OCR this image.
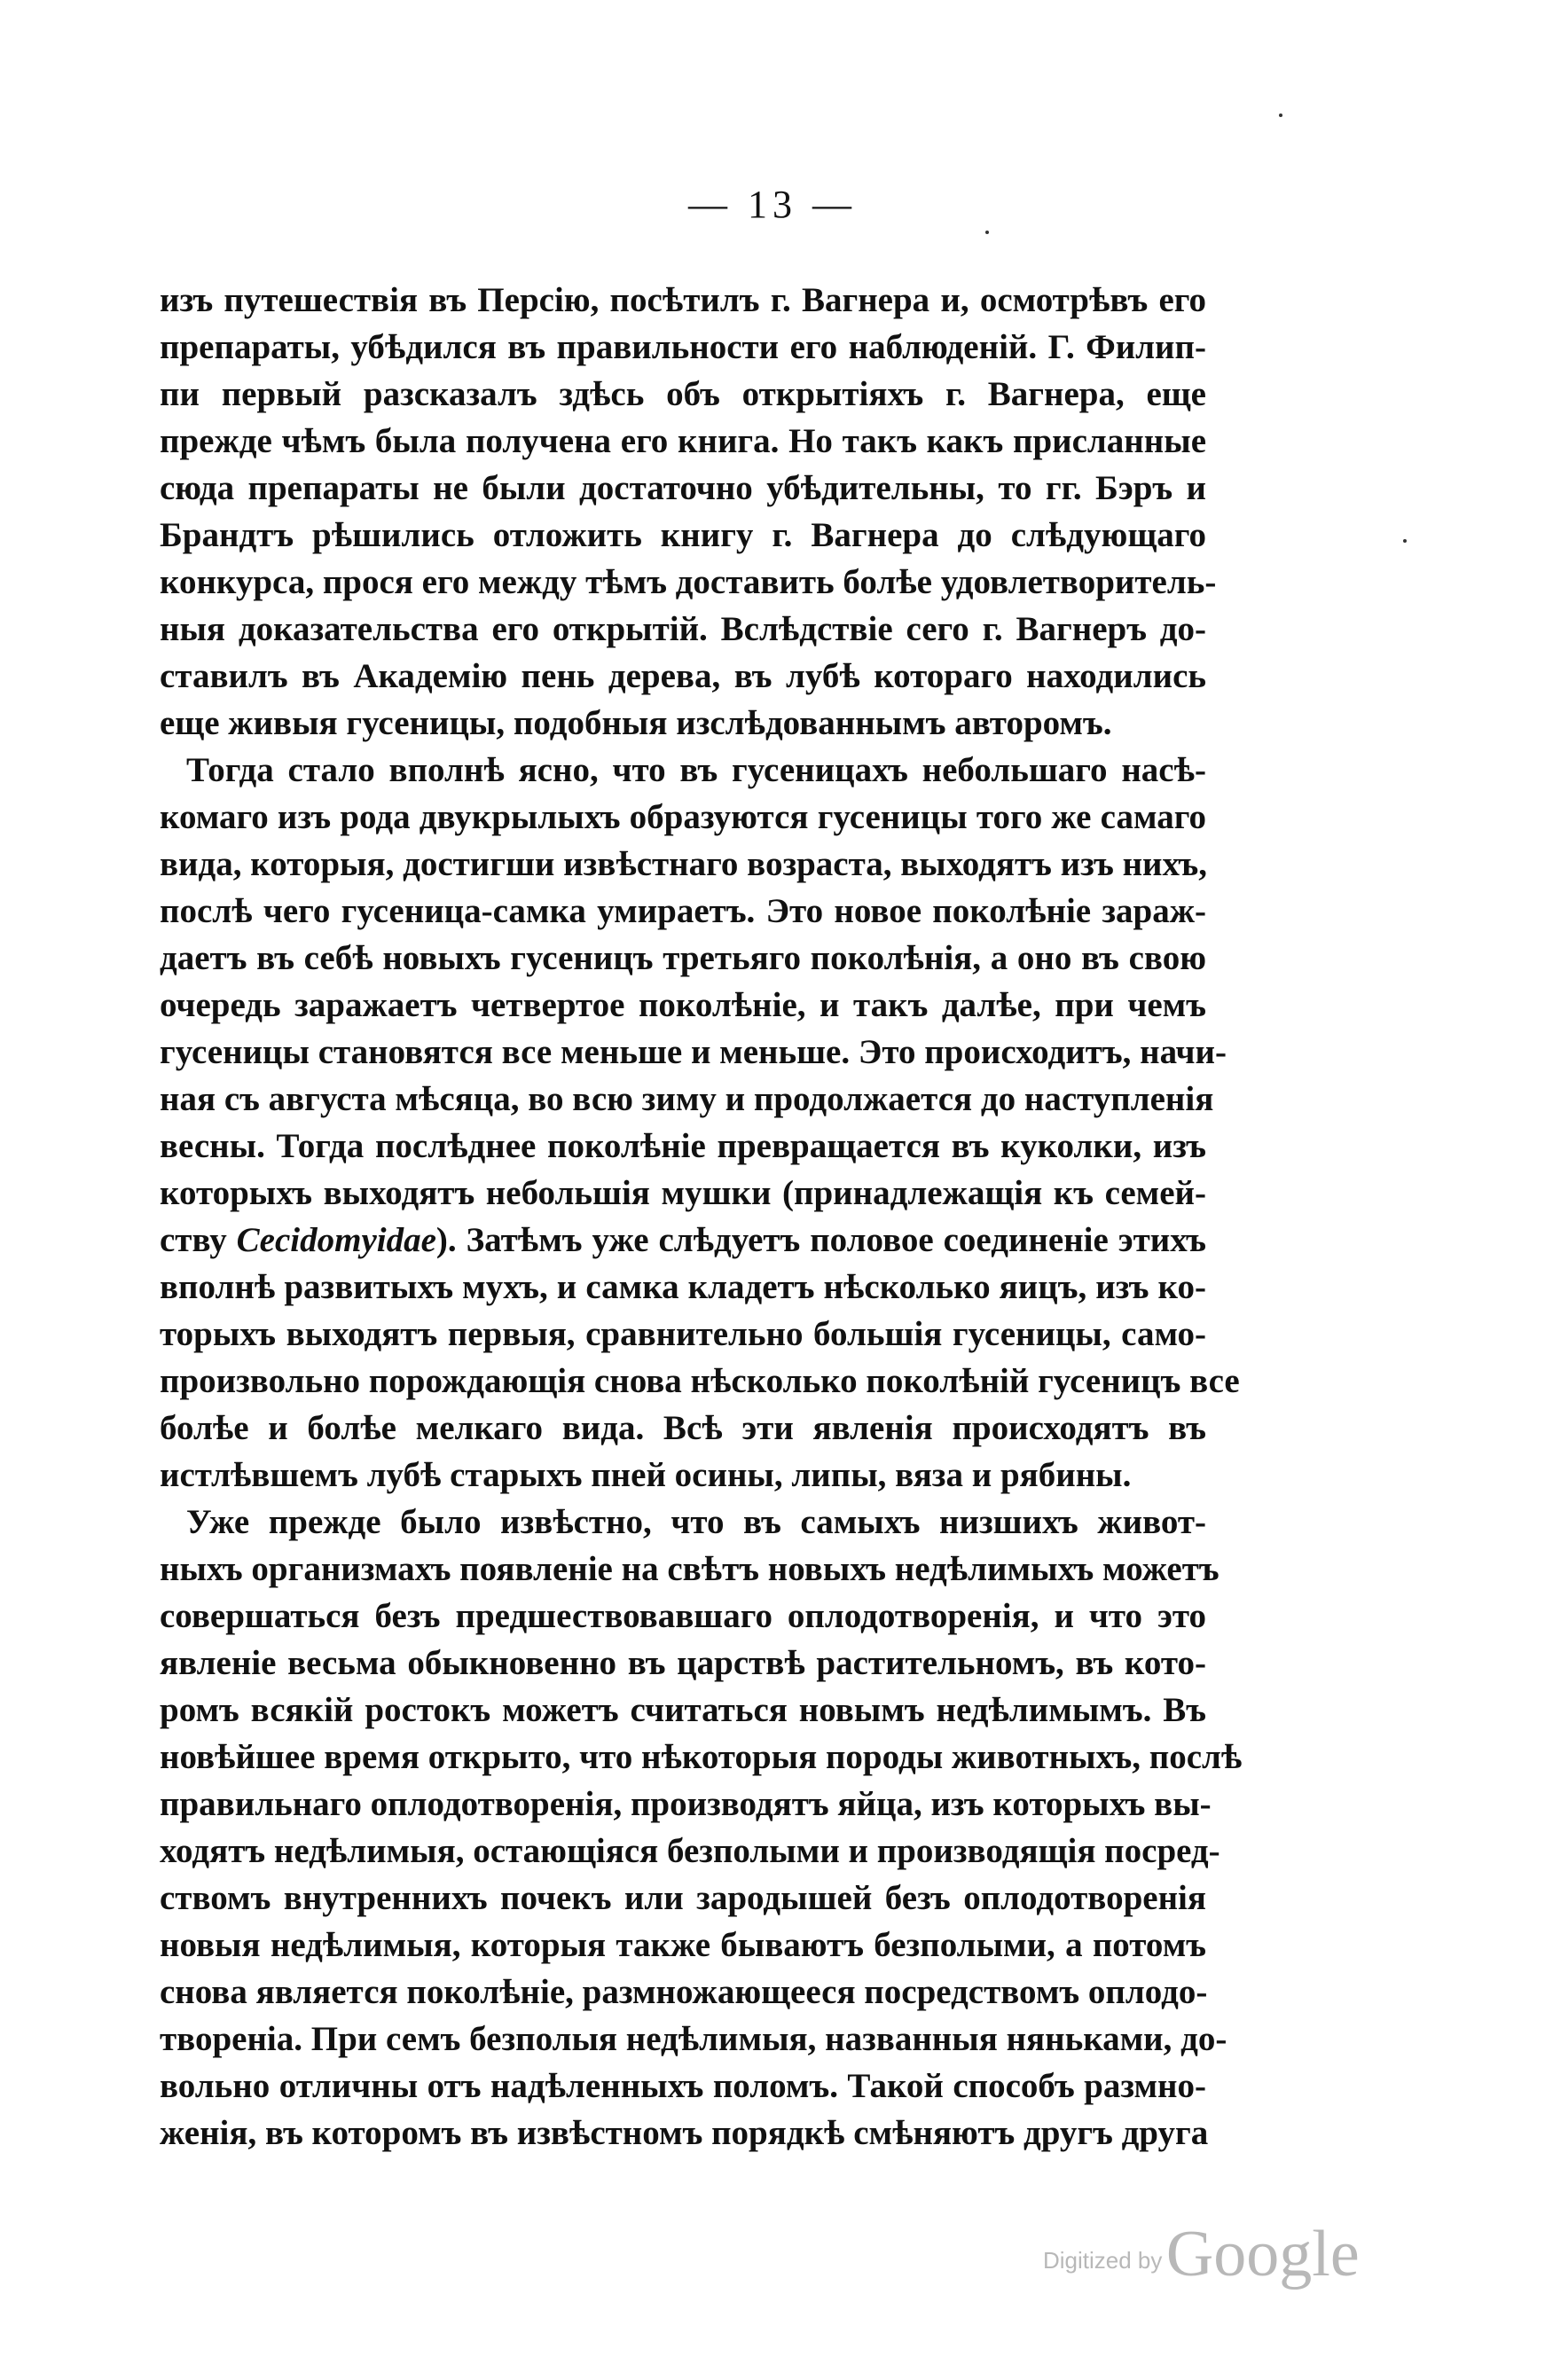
— 13 —
изъ путешествія въ Персію, посѣтилъ г. Вагнера и, осмотрѣвъ его
препараты, убѣдился въ правильности его наблюденій. Г. Филип-
пи первый разсказалъ здѣсь объ открытіяхъ г. Вагнера, еще
прежде чѣмъ была получена его книга. Но такъ какъ присланные
сюда препараты не были достаточно убѣдительны, то гг. Бэръ и
Брандтъ рѣшились отложить книгу г. Вагнера до слѣдующаго
конкурса, прося его между тѣмъ доставить болѣе удовлетворитель-
ныя доказательства его открытій. Вслѣдствіе сего г. Вагнеръ до-
ставилъ въ Академію пень дерева, въ лубѣ котораго находились
еще живыя гусеницы, подобныя изслѣдованнымъ авторомъ.
Тогда стало вполнѣ ясно, что въ гусеницахъ небольшаго насѣ-
комаго изъ рода двукрылыхъ образуются гусеницы того же самаго
вида, которыя, достигши извѣстнаго возраста, выходятъ изъ нихъ,
послѣ чего гусеница-самка умираетъ. Это новое поколѣніе зараж-
даетъ въ себѣ новыхъ гусеницъ третьяго поколѣнія, а оно въ свою
очередь заражаетъ четвертое поколѣніе, и такъ далѣе, при чемъ
гусеницы становятся все меньше и меньше. Это происходитъ, начи-
ная съ августа мѣсяца, во всю зиму и продолжается до наступленія
весны. Тогда послѣднее поколѣніе превращается въ куколки, изъ
которыхъ выходятъ небольшія мушки (принадлежащія къ семей-
ству Cecidomyidae). Затѣмъ уже слѣдуетъ половое соединеніе этихъ
вполнѣ развитыхъ мухъ, и самка кладетъ нѣсколько яицъ, изъ ко-
торыхъ выходятъ первыя, сравнительно большія гусеницы, само-
произвольно порождающія снова нѣсколько поколѣній гусеницъ все
болѣе и болѣе мелкаго вида. Всѣ эти явленія происходятъ въ
истлѣвшемъ лубѣ старыхъ пней осины, липы, вяза и рябины.
Уже прежде было извѣстно, что въ самыхъ низшихъ живот-
ныхъ организмахъ появленіе на свѣтъ новыхъ недѣлимыхъ можетъ
совершаться безъ предшествовавшаго оплодотворенія, и что это
явленіе весьма обыкновенно въ царствѣ растительномъ, въ кото-
ромъ всякій ростокъ можетъ считаться новымъ недѣлимымъ. Въ
новѣйшее время открыто, что нѣкоторыя породы животныхъ, послѣ
правильнаго оплодотворенія, производятъ яйца, изъ которыхъ вы-
ходятъ недѣлимыя, остающіяся безполыми и производящія посред-
ствомъ внутреннихъ почекъ или зародышей безъ оплодотворенія
новыя недѣлимыя, которыя также бываютъ безполыми, а потомъ
снова является поколѣніе, размножающееся посредствомъ оплодо-
твореніа. При семъ безполыя недѣлимыя, названныя няньками, до-
вольно отличны отъ надѣленныхъ поломъ. Такой способъ размно-
женія, въ которомъ въ извѣстномъ порядкѣ смѣняютъ другъ друга
Digitized by Google
